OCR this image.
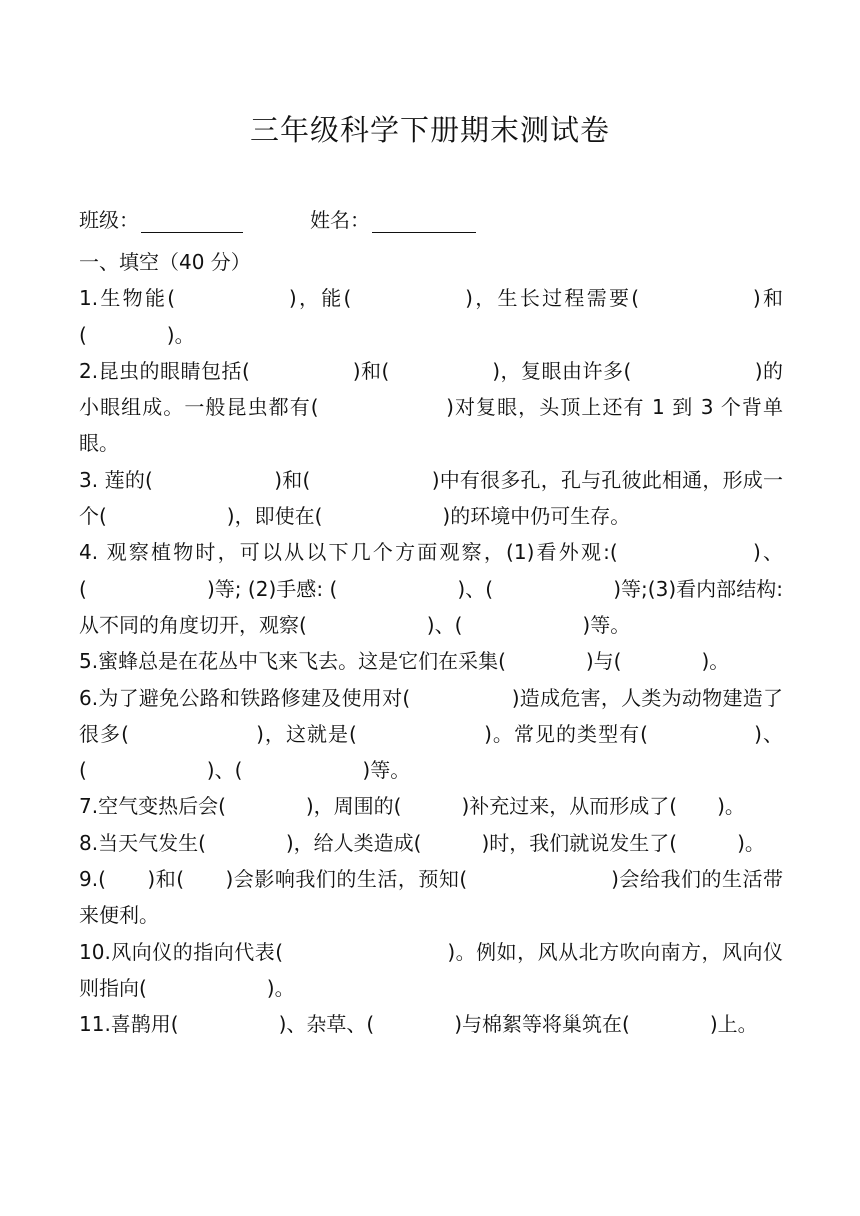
三年级科学下册期末测试卷
班级：	姓名：

一、填空（40 分）

1.生物能(　　　　　)，能(　　　　　)，生长过程需要(　　　　　)和(　　　　)。

2.昆虫的眼睛包括(　　　　　)和(　　　　　)，复眼由许多(　　　　　　)的小眼组成。一般昆虫都有(　　　　　　)对复眼，头顶上还有 1 到 3 个背单眼。

3. 莲的(　　　　　　)和(　　　　　　)中有很多孔，孔与孔彼此相通，形成一个(　　　　　　)，即使在(　　　　　　)的环境中仍可生存。

4. 观察植物时，可以从以下几个方面观察，(1)看外观:(　　　　　　)、(　　　　　　)等; (2)手感: (　　　　　　)、(　　　　　　)等;(3)看内部结构: 从不同的角度切开，观察(　　　　　　)、(　　　　　　)等。

5.蜜蜂总是在花丛中飞来飞去。这是它们在采集(　　　　)与(　　　　)。

6.为了避免公路和铁路修建及使用对(　　　　　)造成危害，人类为动物建造了很多(　　　　　　)，这就是(　　　　　　)。常见的类型有(　　　　　)、(　　　　　　)、(　　　　　　)等。

7.空气变热后会(　　　　)，周围的(　　　)补充过来，从而形成了(　　)。

8.当天气发生(　　　　)，给人类造成(　　　)时，我们就说发生了(　　　)。

9.(　　)和(　　)会影响我们的生活，预知(　　　　　　　)会给我们的生活带来便利。

10.风向仪的指向代表(　　　　　　　　)。例如，风从北方吹向南方，风向仪则指向(　　　　　　)。

11.喜鹊用(　　　　　)、杂草、(　　　　)与棉絮等将巢筑在(　　　　)上。
